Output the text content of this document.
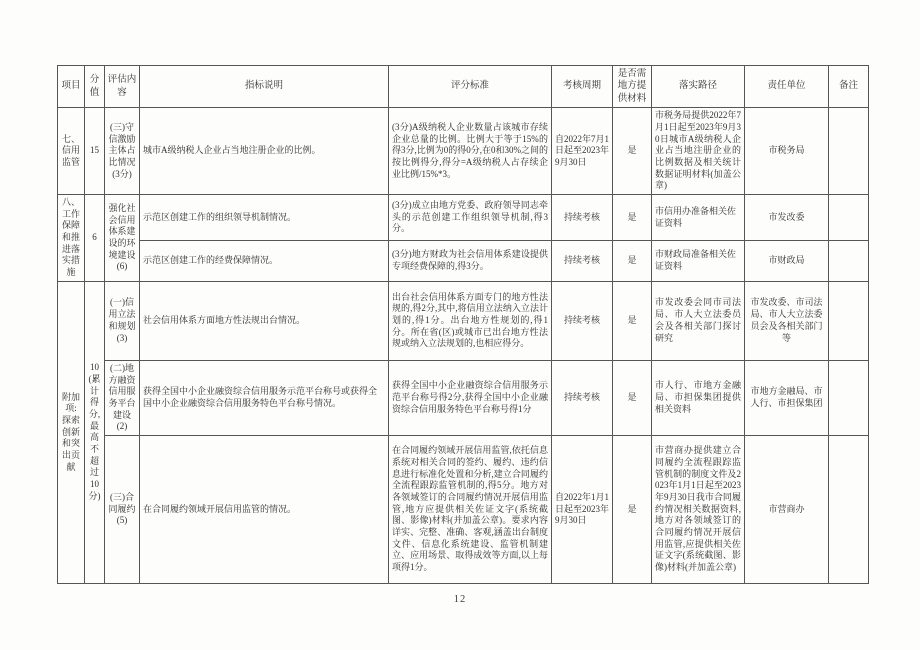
项目	分值	评估内容	指标说明	评分标准	考核周期	是否需地方提供材料	落实路径	责任单位	备注
七、信用监管	15	(三)守信激励主体占比情况(3分)	城市A级纳税人企业占当地注册企业的比例。	(3分)A级纳税人企业数量占该城市存续企业总量的比例。比例大于等于15%的得3分,比例为0的得0分,在0和30%之间的按比例得分,得分=A级纳税人占存续企业比例/15%*3。	自2022年7月1日起至2023年9月30日	是	市税务局提供2022年7月1日起至2023年9月30日城市A级纳税人企业占当地注册企业的比例数据及相关统计数据证明材料(加盖公章)	市税务局	
八、工作保障和推进落实措施	6	强化社会信用体系建设的环境建设(6)	示范区创建工作的组织领导机制情况。	(3分)成立由地方党委、政府领导同志牵头的示范创建工作组织领导机制,得3分。	持续考核	是	市信用办准备相关佐证资料	市发改委	
			示范区创建工作的经费保障情况。	(3分)地方财政为社会信用体系建设提供专项经费保障的,得3分。	持续考核	是	市财政局准备相关佐证资料	市财政局	
附加项:探索创新和突出贡献	10(累计得分,最高不超过10分)	(一)信用立法和规划(3)	社会信用体系方面地方性法规出台情况。	出台社会信用体系方面专门的地方性法规的,得2分,其中,将信用立法纳入立法计划的,得1分。出台地方性规划的,得1分。所在省(区)或城市已出台地方性法规或纳入立法规划的,也相应得分。	持续考核	是	市发改委会同市司法局、市人大立法委员会及各相关部门探讨研究	市发改委、市司法局、市人大立法委员会及各相关部门等	
		(二)地方融资信用服务平台建设(2)	获得全国中小企业融资综合信用服务示范平台称号或获得全国中小企业融资综合信用服务特色平台称号情况。	获得全国中小企业融资综合信用服务示范平台称号得2分,获得全国中小企业融资综合信用服务特色平台称号得1分	持续考核	是	市人行、市地方金融局、市担保集团提供相关资料	市地方金融局、市人行、市担保集团	
		(三)合同履约(5)	在合同履约领域开展信用监管的情况。	在合同履约领域开展信用监管,依托信息系统对相关合同的签约、履约、违约信息进行标准化处置和分析,建立合同履约全流程跟踪监管机制的,得5分。地方对各领域签订的合同履约情况开展信用监管,地方应提供相关佐证文字(系统截图、影像)材料(并加盖公章)。要求内容详实、完整、准确、客观,涵盖出台制度文件、信息化系统建设、监管机制建立、应用场景、取得成效等方面,以上每项得1分。	自2022年1月1日起至2023年9月30日	是	市营商办提供建立合同履约全流程跟踪监管机制的制度文件及2023年1月1日起至2023年9月30日我市合同履约情况相关数据资料,地方对各领域签订的合同履约情况开展信用监管,应提供相关佐证文字(系统截图、影像)材料(并加盖公章)	市营商办	
12
